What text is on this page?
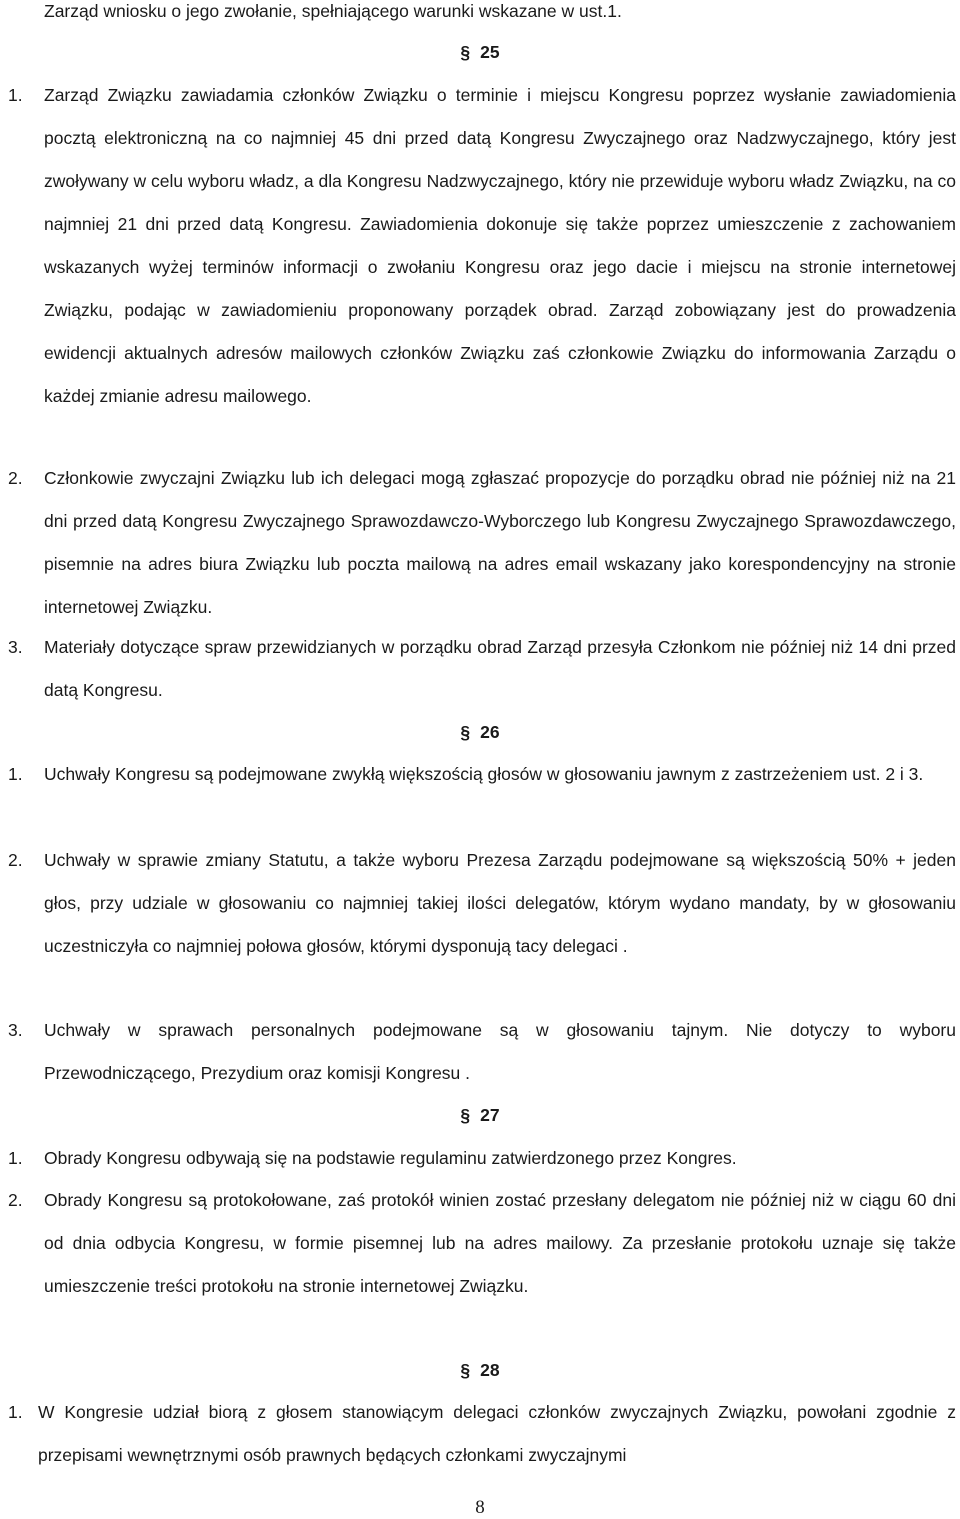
Zarząd wniosku o jego zwołanie, spełniającego warunki wskazane w ust.1.

§ 25

1. Zarząd Związku zawiadamia członków Związku o terminie i miejscu Kongresu poprzez wysłanie zawiadomienia pocztą elektroniczną na co najmniej 45 dni przed datą Kongresu Zwyczajnego oraz Nadzwyczajnego, który jest zwoływany w celu wyboru władz, a dla Kongresu Nadzwyczajnego, który nie przewiduje wyboru władz Związku, na co najmniej 21 dni przed datą Kongresu. Zawiadomienia dokonuje się także poprzez umieszczenie z zachowaniem wskazanych wyżej terminów informacji o zwołaniu Kongresu oraz jego dacie i miejscu na stronie internetowej Związku, podając w zawiadomieniu proponowany porządek obrad. Zarząd zobowiązany jest do prowadzenia ewidencji aktualnych adresów mailowych członków Związku zaś członkowie Związku do informowania Zarządu o każdej zmianie adresu mailowego.

2. Członkowie zwyczajni Związku lub ich delegaci mogą zgłaszać propozycje do porządku obrad nie później niż na 21 dni przed datą Kongresu Zwyczajnego Sprawozdawczo-Wyborczego lub Kongresu Zwyczajnego Sprawozdawczego, pisemnie na adres biura Związku lub poczta mailową na adres email wskazany jako korespondencyjny na stronie internetowej Związku.

3. Materiały dotyczące spraw przewidzianych w porządku obrad Zarząd przesyła Członkom nie później niż 14 dni przed datą Kongresu.

§ 26

1. Uchwały Kongresu są podejmowane zwykłą większością głosów w głosowaniu jawnym z zastrzeżeniem ust. 2 i 3.

2. Uchwały w sprawie zmiany Statutu, a także wyboru Prezesa Zarządu podejmowane są większością 50% + jeden głos, przy udziale w głosowaniu co najmniej takiej ilości delegatów, którym wydano mandaty, by w głosowaniu uczestniczyła co najmniej połowa głosów, którymi dysponują tacy delegaci .

3. Uchwały w sprawach personalnych podejmowane są w głosowaniu tajnym. Nie dotyczy to wyboru Przewodniczącego, Prezydium oraz komisji Kongresu .

§ 27

1. Obrady Kongresu odbywają się na podstawie regulaminu zatwierdzonego przez Kongres.

2. Obrady Kongresu są protokołowane, zaś protokół winien zostać przesłany delegatom nie później niż w ciągu 60 dni od dnia odbycia Kongresu, w formie pisemnej lub na adres mailowy. Za przesłanie protokołu uznaje się także umieszczenie treści protokołu na stronie internetowej Związku.

§ 28

1. W Kongresie udział biorą z głosem stanowiącym delegaci członków zwyczajnych Związku, powołani zgodnie z przepisami wewnętrznymi osób prawnych będących członkami zwyczajnymi

8
